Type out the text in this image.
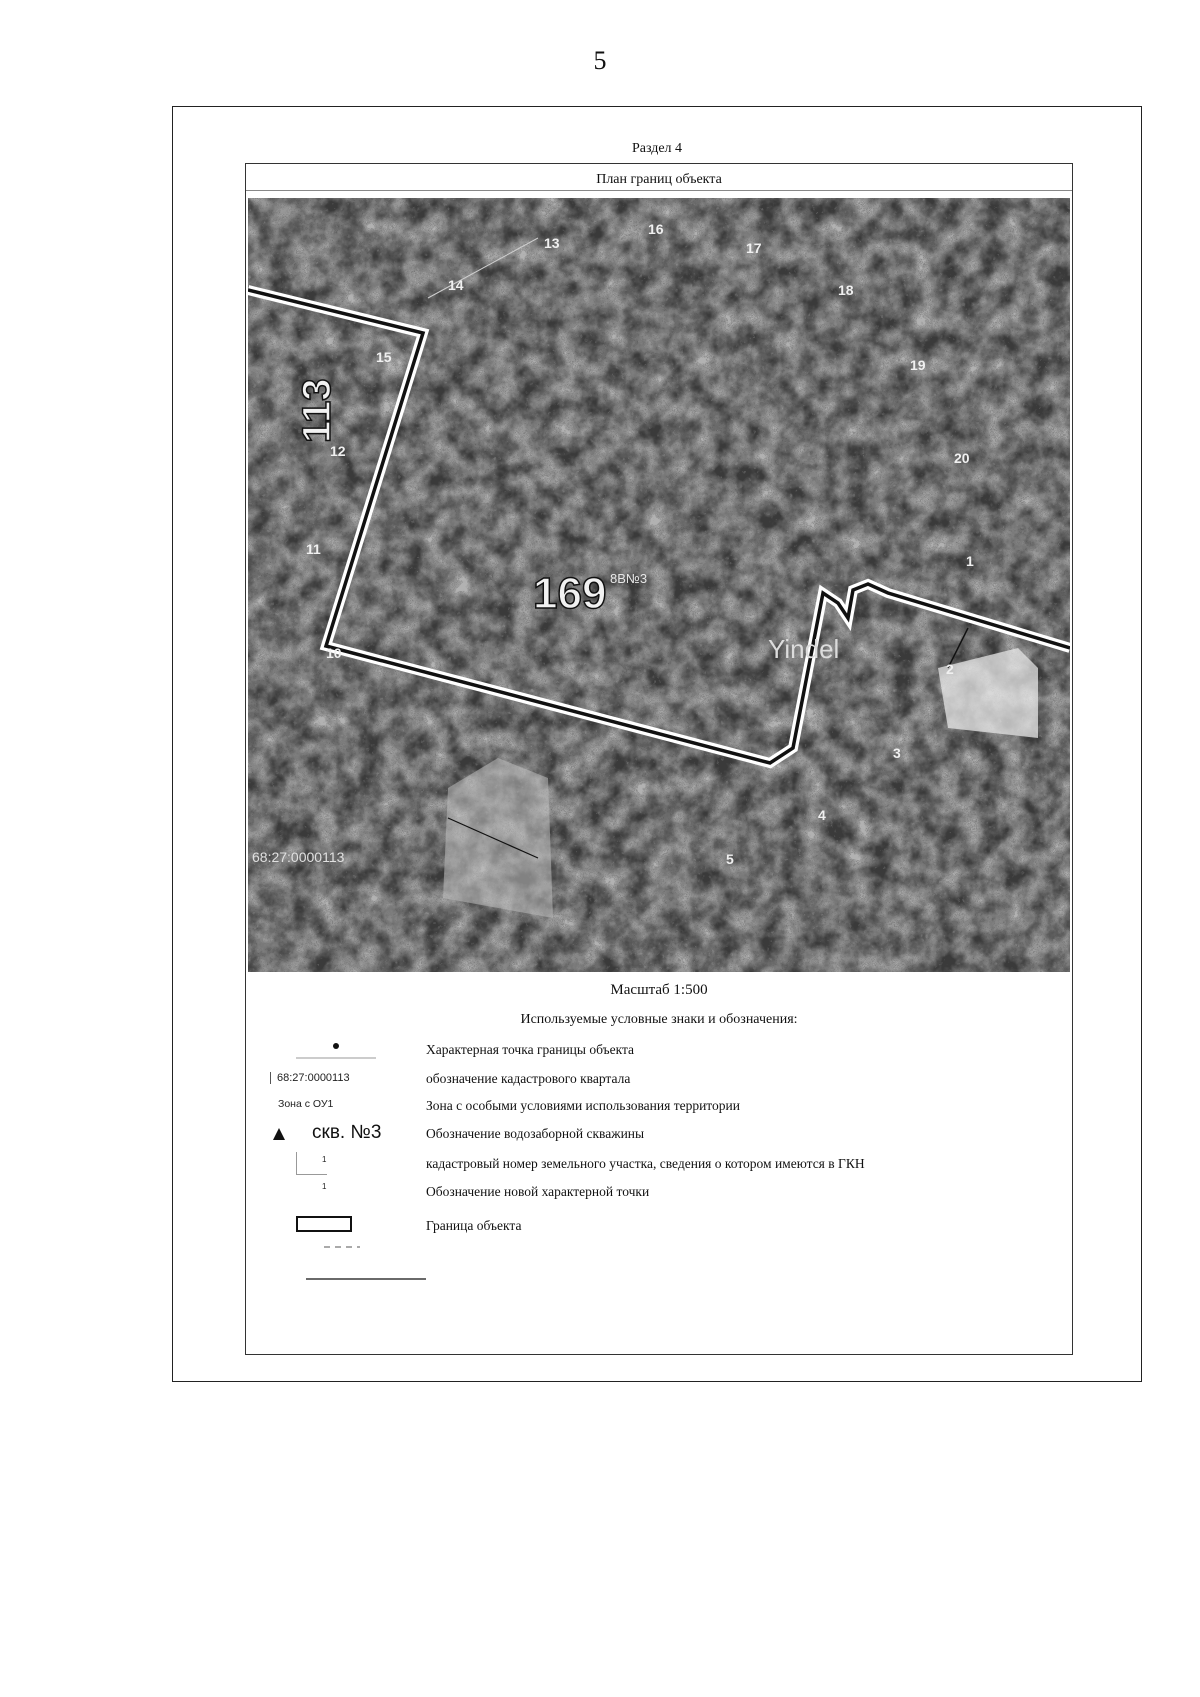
5
Раздел 4
План границ объекта
169
113
8B№3
Yindel
68:27:0000113
13
16
17
14	18
15	19
12	20
11
1
10
2
3
4
5
Масштаб 1:500
Используемые условные знаки и обозначения:
Характерная точка границы объекта
68:27:0000113	обозначение кадастрового квартала
Зона с ОУ1	Зона с особыми условиями использования территории
скв. №3	Обозначение водозаборной скважины
1	кадастровый номер земельного участка, сведения о котором имеются в ГКН
1	Обозначение новой характерной точки
Граница объекта
